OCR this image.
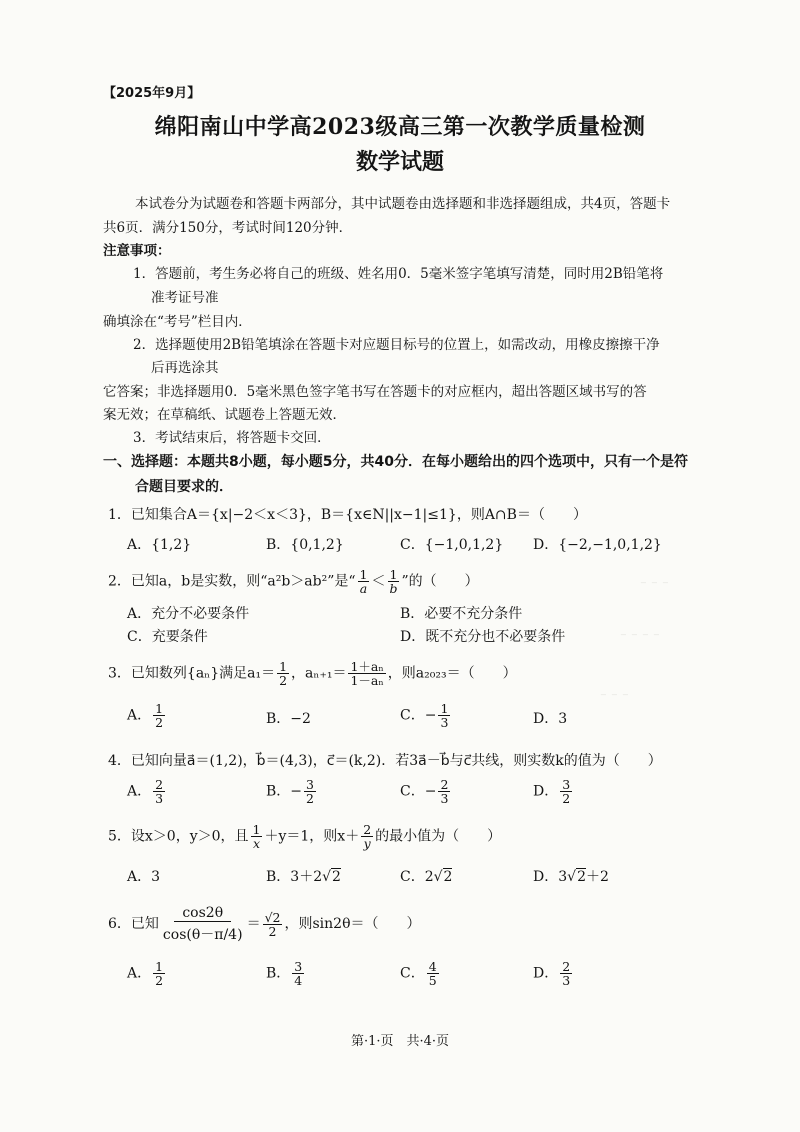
⁻ ⁻ ⁻
⁻ ⁻ ⁻ ⁻
⁻ ⁻ ⁻
【2025年9月】
绵阳南山中学高2023级高三第一次教学质量检测
数学试题
本试卷分为试题卷和答题卡两部分，其中试题卷由选择题和非选择题组成，共4页，答题卡
共6页．满分150分，考试时间120分钟．
注意事项：
1．答题前，考生务必将自己的班级、姓名用0．5毫米签字笔填写清楚，同时用2B铅笔将
准考证号准
确填涂在“考号”栏目内．
2．选择题使用2B铅笔填涂在答题卡对应题目标号的位置上，如需改动，用橡皮擦擦干净
后再选涂其
它答案；非选择题用0．5毫米黑色签字笔书写在答题卡的对应框内，超出答题区域书写的答
案无效；在草稿纸、试题卷上答题无效．
3．考试结束后，将答题卡交回．
一、选择题：本题共8小题，每小题5分，共40分．在每小题给出的四个选项中，只有一个是符
合题目要求的．
1．已知集合A＝{x|−2＜x＜3}，B＝{x∈N||x−1|≤1}，则A∩B＝（　　）
A．{1,2}	B．{0,1,2}	C．{−1,0,1,2} D．{−2,−1,0,1,2}
2．已知a，b是实数，则“a²b＞ab²”是“ $\frac{1}{a} < \frac{1}{b}$ ”的（　　）
A．充分不必要条件	B．必要不充分条件
C．充要条件	D．既不充分也不必要条件
3．已知数列{aₙ}满足$a_1= \frac{1}{2}$ ，$a_{n+1}= \frac{\text{1＋aₙ}}{\text{1－aₙ}}$ ，则a₂₀₂₃＝（　　）
A． $\frac{1}{2}$	B．−2	C．− $\frac{1}{3}$	D．3
4．已知向量a⃗＝(1,2)，b⃗＝(4,3)，c⃗＝(k,2)．若3a⃗－b⃗与c⃗共线，则实数k的值为（　　）
A． $\frac{2}{3}$	B．− $\frac{3}{2}$	C．− $\frac{2}{3}$	D． $\frac{3}{2}$
5．设x＞0，y＞0，且 $\frac{1}{x} +y=1$，则$x+ \frac{2}{y}$ 的最小值为（　　）
A．3	B．3＋2√2	C．2√2	D．3√2＋2
6．已知 $\frac{\cos 2\theta}{\cos(\theta-\pi/4)} = \frac{√2}{2}$ ，则sin2θ＝（　　）
A． $\frac{1}{2}$	B． $\frac{3}{4}$	C． $\frac{4}{5}$	D． $\frac{2}{3}$
第·1·页　共·4·页
